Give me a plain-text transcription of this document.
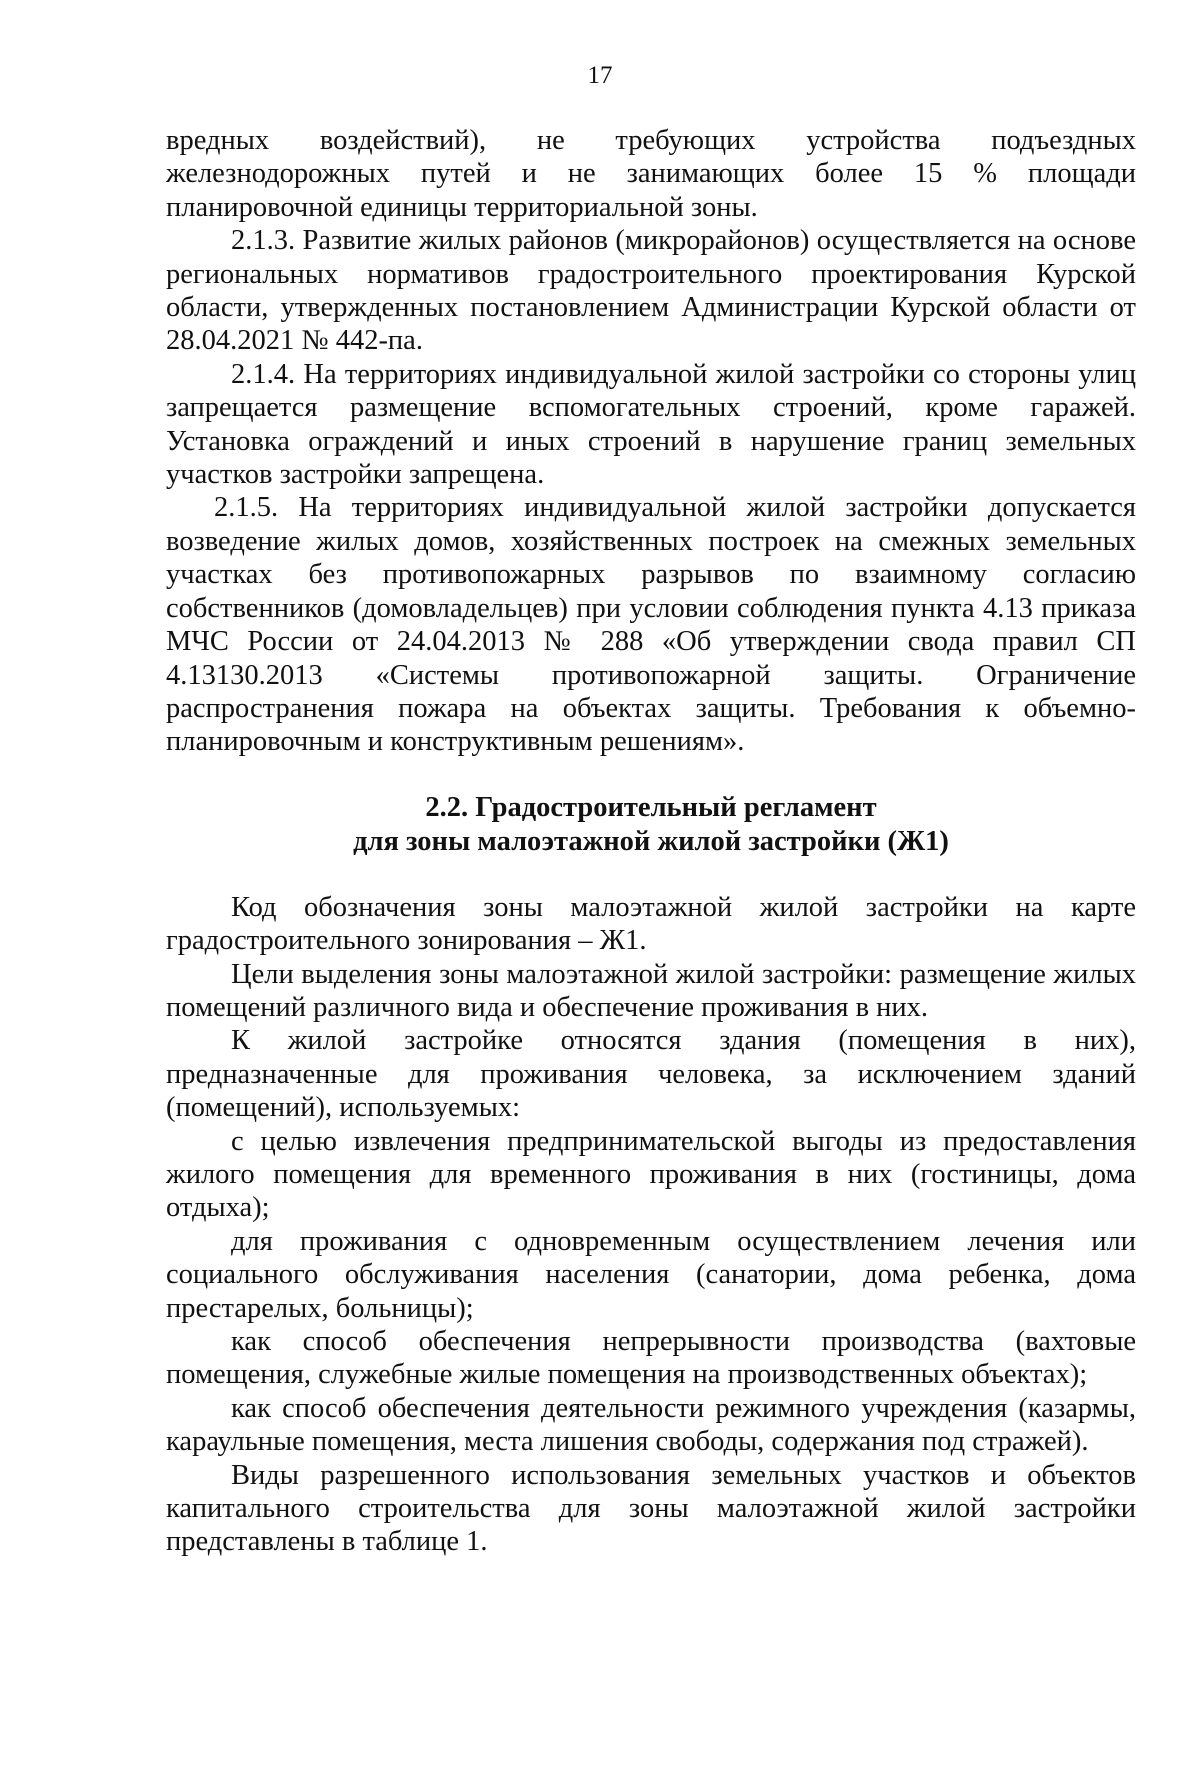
17

вредных воздействий), не требующих устройства подъездных железнодорожных путей и не занимающих более 15 % площади планировочной единицы территориальной зоны.

2.1.3. Развитие жилых районов (микрорайонов) осуществляется на основе региональных нормативов градостроительного проектирования Курской области, утвержденных постановлением Администрации Курской области от 28.04.2021 № 442-па.

2.1.4. На территориях индивидуальной жилой застройки со стороны улиц запрещается размещение вспомогательных строений, кроме гаражей. Установка ограждений и иных строений в нарушение границ земельных участков застройки запрещена.

2.1.5. На территориях индивидуальной жилой застройки допускается возведение жилых домов, хозяйственных построек на смежных земельных участках без противопожарных разрывов по взаимному согласию собственников (домовладельцев) при условии соблюдения пункта 4.13 приказа МЧС России от 24.04.2013 № 288 «Об утверждении свода правил СП 4.13130.2013 «Системы противопожарной защиты. Ограничение распространения пожара на объектах защиты. Требования к объемно-планировочным и конструктивным решениям».

2.2. Градостроительный регламент
для зоны малоэтажной жилой застройки (Ж1)

Код обозначения зоны малоэтажной жилой застройки на карте градостроительного зонирования – Ж1.

Цели выделения зоны малоэтажной жилой застройки: размещение жилых помещений различного вида и обеспечение проживания в них.

К жилой застройке относятся здания (помещения в них), предназначенные для проживания человека, за исключением зданий (помещений), используемых:

с целью извлечения предпринимательской выгоды из предоставления жилого помещения для временного проживания в них (гостиницы, дома отдыха);

для проживания с одновременным осуществлением лечения или социального обслуживания населения (санатории, дома ребенка, дома престарелых, больницы);

как способ обеспечения непрерывности производства (вахтовые помещения, служебные жилые помещения на производственных объектах);

как способ обеспечения деятельности режимного учреждения (казармы, караульные помещения, места лишения свободы, содержания под стражей).

Виды разрешенного использования земельных участков и объектов капитального строительства для зоны малоэтажной жилой застройки представлены в таблице 1.
